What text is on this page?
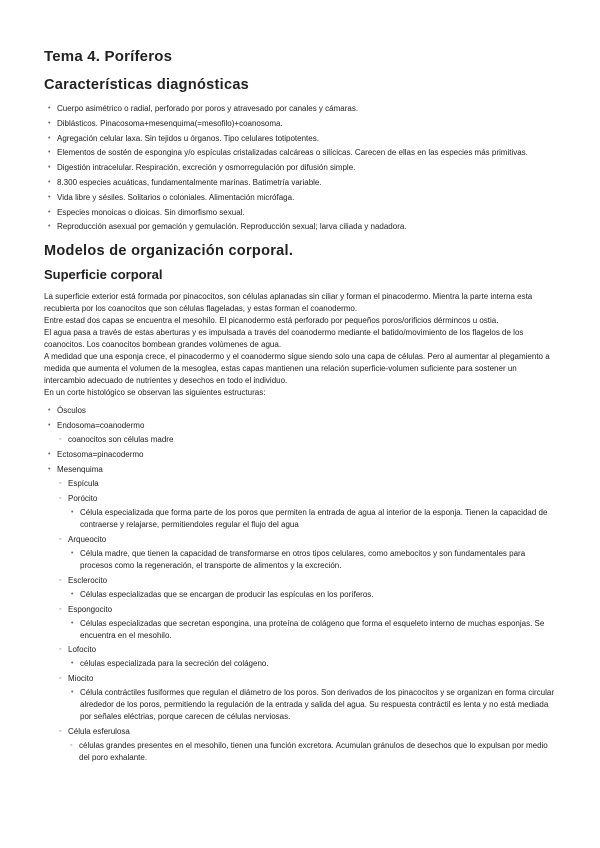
Tema 4. Poríferos
Características diagnósticas
• Cuerpo asimétrico o radial, perforado por poros y atravesado por canales y cámaras.
• Diblásticos. Pinacosoma+mesenquima(=mesofilo)+coanosoma.
• Agregación celular laxa. Sin tejidos u órganos. Tipo celulares totipotentes.
• Elementos de sostén de espongina y/o espículas cristalizadas calcáreas o silícicas. Carecen de ellas en las especies más primitivas.
• Digestión intracelular. Respiración, excreción y osmorregulación por difusión simple.
• 8.300 especies acuáticas, fundamentalmente marinas. Batimetría variable.
• Vida libre y sésiles. Solitarios o coloniales. Alimentación micrófaga.
• Especies monoicas o dioicas. Sin dimorfismo sexual.
• Reproducción asexual por gemación y gemulación. Reproducción sexual; larva ciliada y nadadora.
Modelos de organización corporal.
Superficie corporal

La superficie exterior está formada por pinacocitos, son células aplanadas sin ciliar y forman el pinacodermo. Mientra la parte interna esta recubierta por los coanocitos que son células flageladas, y estas forman el coanodermo.

Entre estad dos capas se encuentra el mesohilo. El picanodermo está perforado por pequeños poros/orificios dérmincos u ostia.

El agua pasa a través de estas aberturas y es impulsada a través del coanodermo mediante el batido/movimiento de los flagelos de los coanocitos. Los coanocitos bombean grandes volúmenes de agua.

A medidad que una esponja crece, el pinacodermo y el coanodermo sigue siendo solo una capa de células. Pero al aumentar al plegamiento a medida que aumenta el volumen de la mesoglea, estas capas mantienen una relación superficie-volumen suficiente para sostener un intercambio adecuado de nutrientes y desechos en todo el individuo.

En un corte histológico se observan las siguientes estructuras:

• Ósculos
• Endosoma=coanodermo
◦ coanocitos son células madre
• Ectosoma=pinacodermo
• Mesenquima
◦ Espícula
◦ Porócito
• Célula especializada que forma parte de los poros que permiten la entrada de agua al interior de la esponja. Tienen la capacidad de contraerse y relajarse, permitiendoles regular el flujo del agua
◦ Arqueocito
• Célula madre, que tienen la capacidad de transformarse en otros tipos celulares, como amebocitos y son fundamentales para procesos como la regeneración, el transporte de alimentos y la excreción.
◦ Esclerocito
• Células especializadas que se encargan de producir las espículas en los poríferos.
◦ Espongocito
• Células especializadas que secretan espongina, una proteína de colágeno que forma el esqueleto interno de muchas esponjas. Se encuentra en el mesohilo.
◦ Lofocito
• células especializada para la secreción del colágeno.
◦ Miocito
• Célula contráctiles fusiformes que regulan el diámetro de los poros. Son derivados de los pinacocitos y se organizan en forma circular alrededor de los poros, permitiendo la regulación de la entrada y salida del agua. Su respuesta contráctil es lenta y no está mediada por señales eléctrias, porque carecen de células nerviosas.
◦ Célula esferulosa
◦ células grandes presentes en el mesohilo, tienen una función excretora. Acumulan gránulos de desechos que lo expulsan por medio del poro exhalante.
